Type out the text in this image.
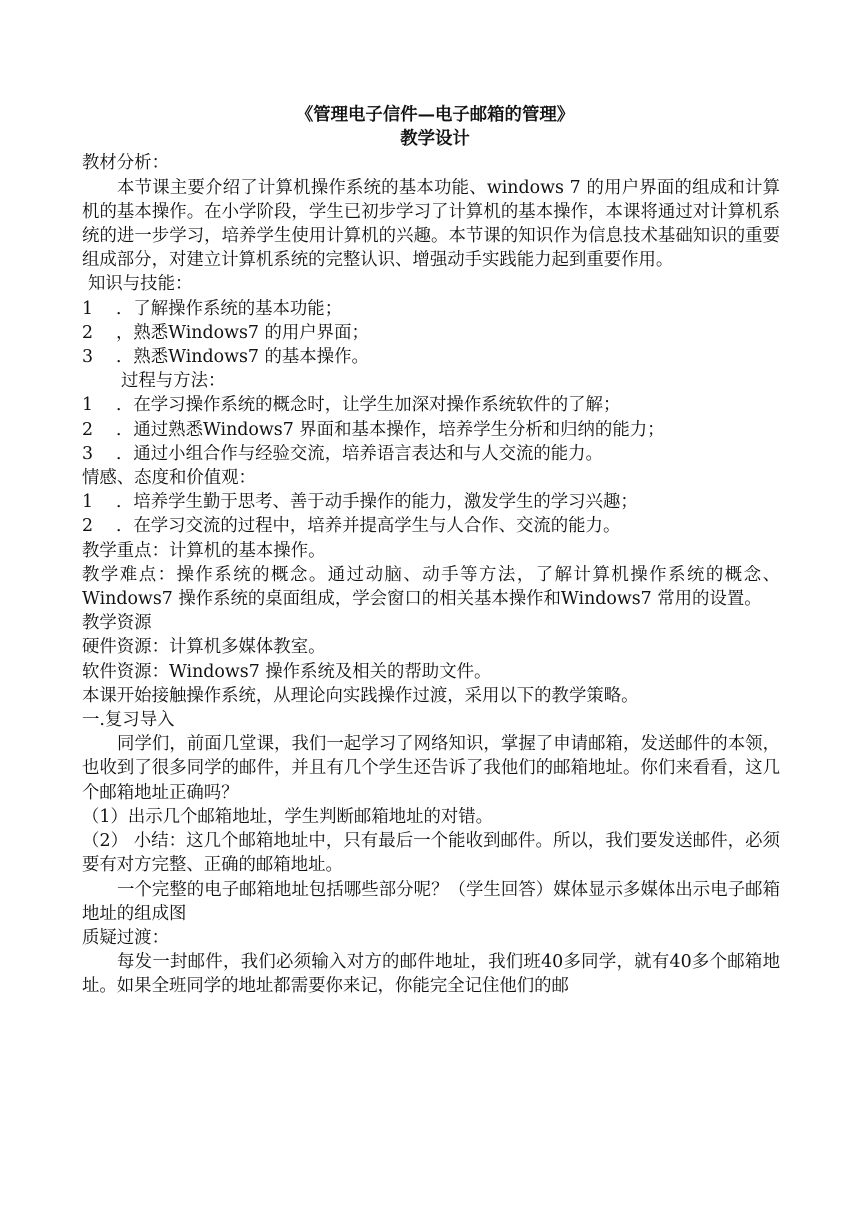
《管理电子信件—电子邮箱的管理》

教学设计

教材分析：

本节课主要介绍了计算机操作系统的基本功能、windows 7 的用户界面的组成和计算机的基本操作。在小学阶段，学生已初步学习了计算机的基本操作，本课将通过对计算机系统的进一步学习，培养学生使用计算机的兴趣。本节课的知识作为信息技术基础知识的重要组成部分，对建立计算机系统的完整认识、增强动手实践能力起到重要作用。

知识与技能：

1	．了解操作系统的基本功能；
2	，熟悉Windows7 的用户界面；
3	．熟悉Windows7 的基本操作。

过程与方法：

1	．在学习操作系统的概念时，让学生加深对操作系统软件的了解；
2	．通过熟悉Windows7 界面和基本操作，培养学生分析和归纳的能力；
3	．通过小组合作与经验交流，培养语言表达和与人交流的能力。

情感、态度和价值观：

1	．培养学生勤于思考、善于动手操作的能力，激发学生的学习兴趣；
2	．在学习交流的过程中，培养并提高学生与人合作、交流的能力。

教学重点：计算机的基本操作。

教学难点：操作系统的概念。通过动脑、动手等方法，了解计算机操作系统的概念、Windows7 操作系统的桌面组成，学会窗口的相关基本操作和Windows7 常用的设置。

教学资源

硬件资源：计算机多媒体教室。

软件资源：Windows7 操作系统及相关的帮助文件。

本课开始接触操作系统，从理论向实践操作过渡，采用以下的教学策略。

一.复习导入

同学们，前面几堂课，我们一起学习了网络知识，掌握了申请邮箱，发送邮件的本领，也收到了很多同学的邮件，并且有几个学生还告诉了我他们的邮箱地址。你们来看看，这几个邮箱地址正确吗？

（1）出示几个邮箱地址，学生判断邮箱地址的对错。

（2） 小结：这几个邮箱地址中，只有最后一个能收到邮件。所以，我们要发送邮件，必须要有对方完整、正确的邮箱地址。

一个完整的电子邮箱地址包括哪些部分呢？（学生回答）媒体显示多媒体出示电子邮箱地址的组成图

质疑过渡：

每发一封邮件，我们必须输入对方的邮件地址，我们班40多同学，就有40多个邮箱地址。如果全班同学的地址都需要你来记，你能完全记住他们的邮
